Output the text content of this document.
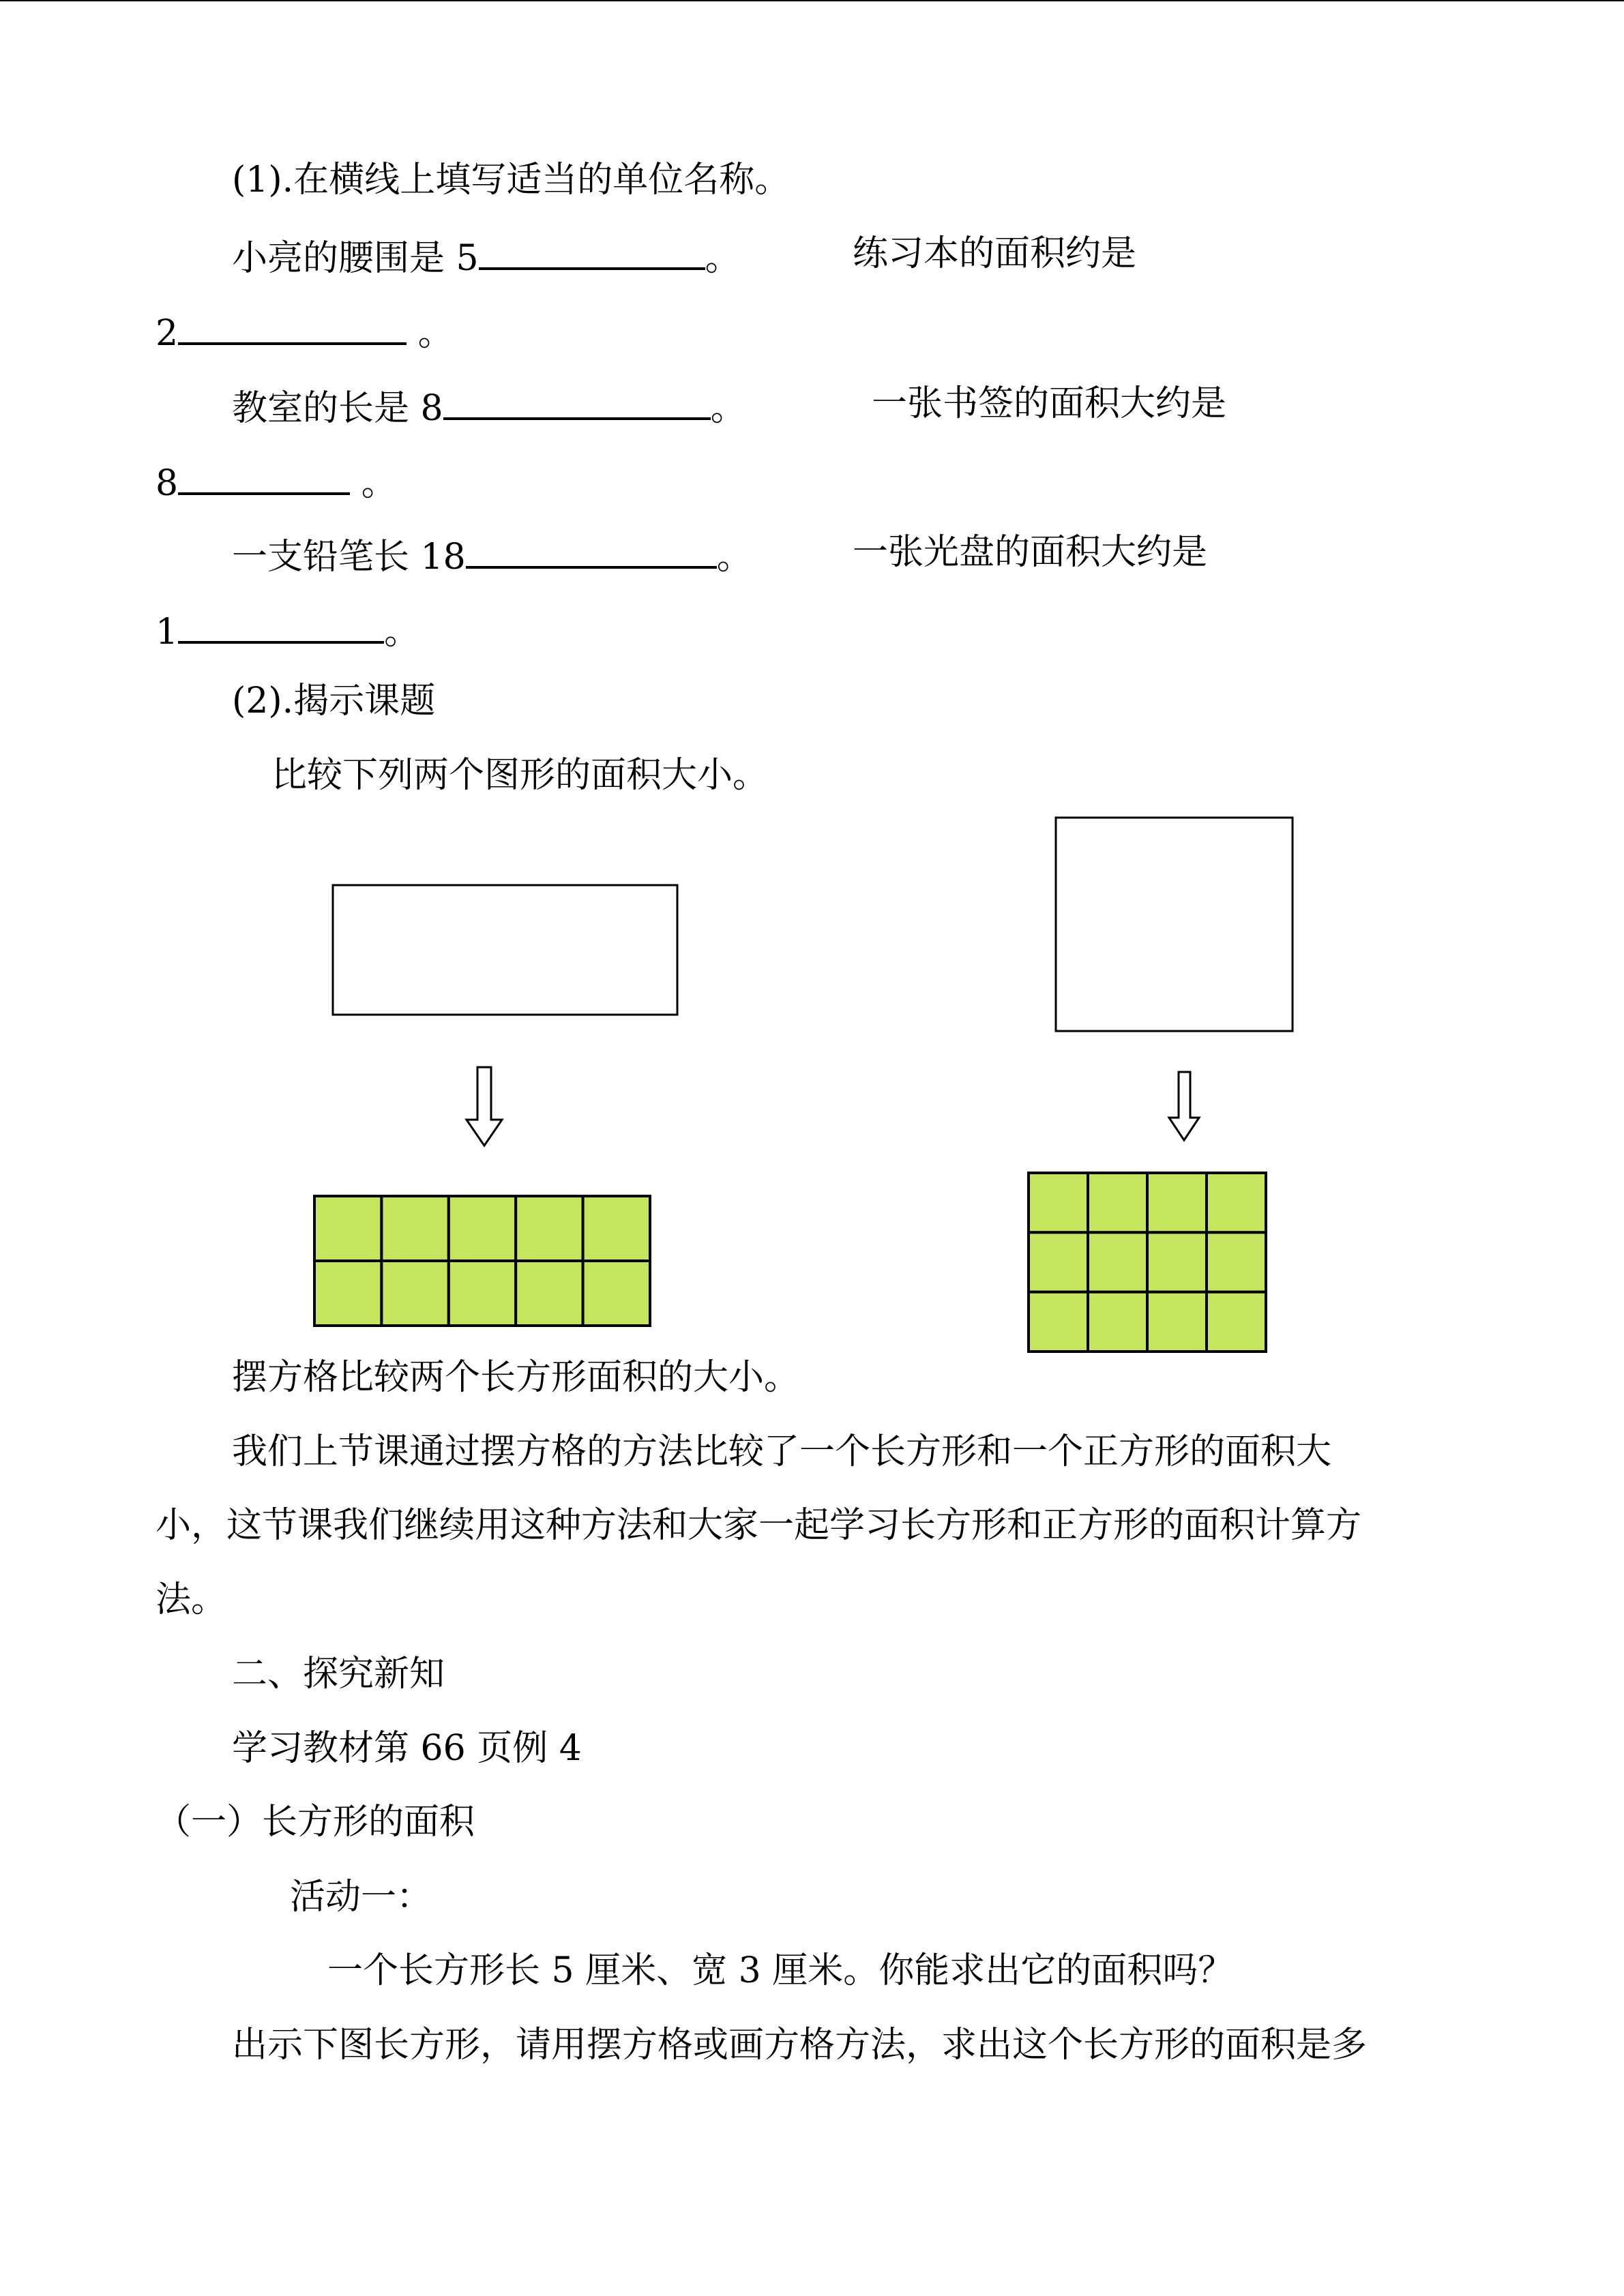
(1).在横线上填写适当的单位名称。
小亮的腰围是 5	。	练习本的面积约是
2	。
教室的长是 8	。	一张书签的面积大约是
8	。
一支铅笔长 18	。	一张光盘的面积大约是
1	。
(2).揭示课题
比较下列两个图形的面积大小。
摆方格比较两个长方形面积的大小。
我们上节课通过摆方格的方法比较了一个长方形和一个正方形的面积大
小，这节课我们继续用这种方法和大家一起学习长方形和正方形的面积计算方
法。
二、探究新知
学习教材第 66 页例 4
（一）长方形的面积
活动一：
一个长方形长 5 厘米、宽 3 厘米。你能求出它的面积吗？
出示下图长方形，请用摆方格或画方格方法，求出这个长方形的面积是多
